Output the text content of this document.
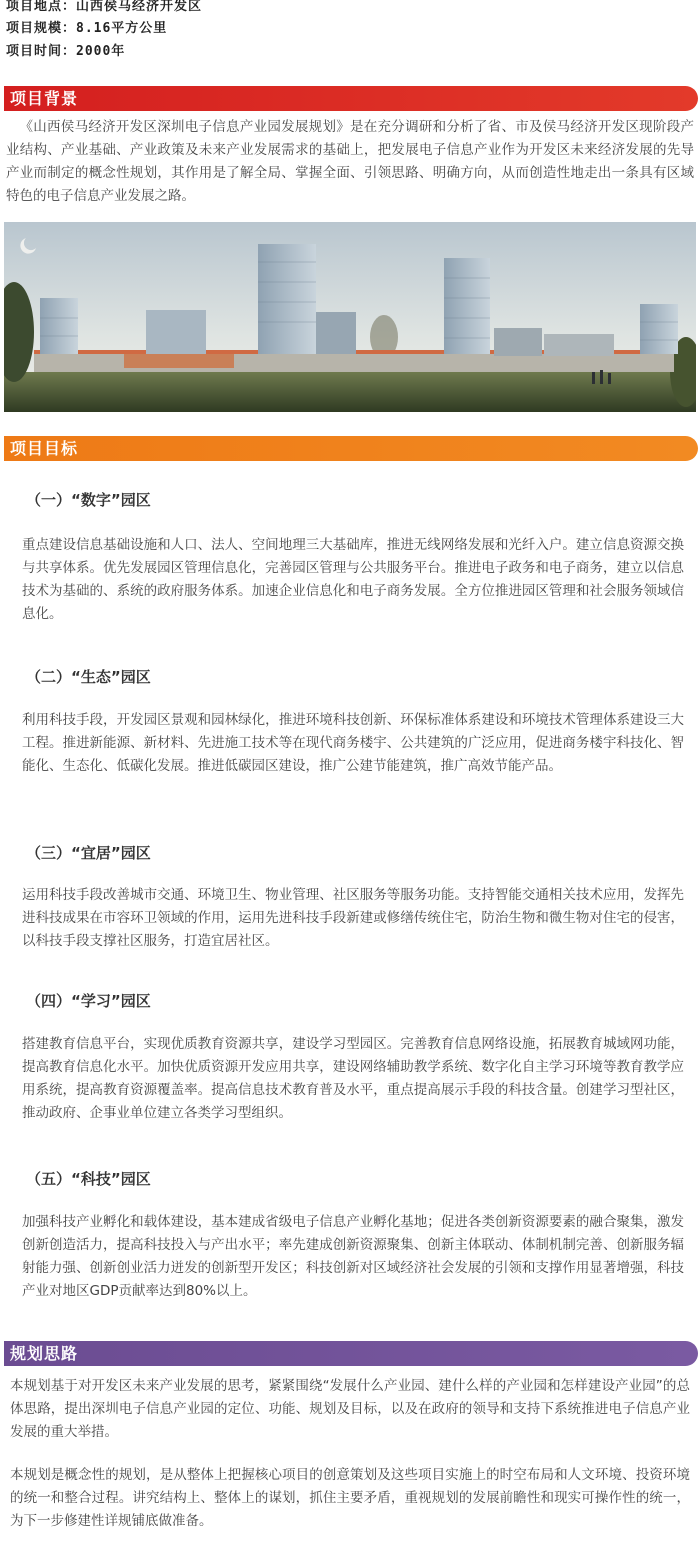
项目地点：山西侯马经济开发区
项目规模：8.16平方公里
项目时间：2000年
项目背景
《山西侯马经济开发区深圳电子信息产业园发展规划》是在充分调研和分析了省、市及侯马经济开发区现阶段产业结构、产业基础、产业政策及未来产业发展需求的基础上，把发展电子信息产业作为开发区未来经济发展的先导产业而制定的概念性规划，其作用是了解全局、掌握全面、引领思路、明确方向，从而创造性地走出一条具有区域特色的电子信息产业发展之路。
项目目标
（一）“数字”园区
重点建设信息基础设施和人口、法人、空间地理三大基础库，推进无线网络发展和光纤入户。建立信息资源交换与共享体系。优先发展园区管理信息化，完善园区管理与公共服务平台。推进电子政务和电子商务，建立以信息技术为基础的、系统的政府服务体系。加速企业信息化和电子商务发展。全方位推进园区管理和社会服务领域信息化。
（二）“生态”园区
利用科技手段，开发园区景观和园林绿化，推进环境科技创新、环保标准体系建设和环境技术管理体系建设三大工程。推进新能源、新材料、先进施工技术等在现代商务楼宇、公共建筑的广泛应用，促进商务楼宇科技化、智能化、生态化、低碳化发展。推进低碳园区建设，推广公建节能建筑，推广高效节能产品。
（三）“宜居”园区
运用科技手段改善城市交通、环境卫生、物业管理、社区服务等服务功能。支持智能交通相关技术应用，发挥先进科技成果在市容环卫领域的作用，运用先进科技手段新建或修缮传统住宅，防治生物和微生物对住宅的侵害，以科技手段支撑社区服务，打造宜居社区。
（四）“学习”园区
搭建教育信息平台，实现优质教育资源共享，建设学习型园区。完善教育信息网络设施，拓展教育城域网功能，提高教育信息化水平。加快优质资源开发应用共享，建设网络辅助教学系统、数字化自主学习环境等教育教学应用系统，提高教育资源覆盖率。提高信息技术教育普及水平，重点提高展示手段的科技含量。创建学习型社区，推动政府、企事业单位建立各类学习型组织。
（五）“科技”园区
加强科技产业孵化和载体建设，基本建成省级电子信息产业孵化基地；促进各类创新资源要素的融合聚集，激发创新创造活力，提高科技投入与产出水平；率先建成创新资源聚集、创新主体联动、体制机制完善、创新服务辐射能力强、创新创业活力迸发的创新型开发区；科技创新对区域经济社会发展的引领和支撑作用显著增强，科技产业对地区GDP贡献率达到80%以上。
规划思路
本规划基于对开发区未来产业发展的思考，紧紧围绕“发展什么产业园、建什么样的产业园和怎样建设产业园”的总体思路，提出深圳电子信息产业园的定位、功能、规划及目标，以及在政府的领导和支持下系统推进电子信息产业发展的重大举措。
本规划是概念性的规划，是从整体上把握核心项目的创意策划及这些项目实施上的时空布局和人文环境、投资环境的统一和整合过程。讲究结构上、整体上的谋划，抓住主要矛盾，重视规划的发展前瞻性和现实可操作性的统一，为下一步修建性详规铺底做准备。
